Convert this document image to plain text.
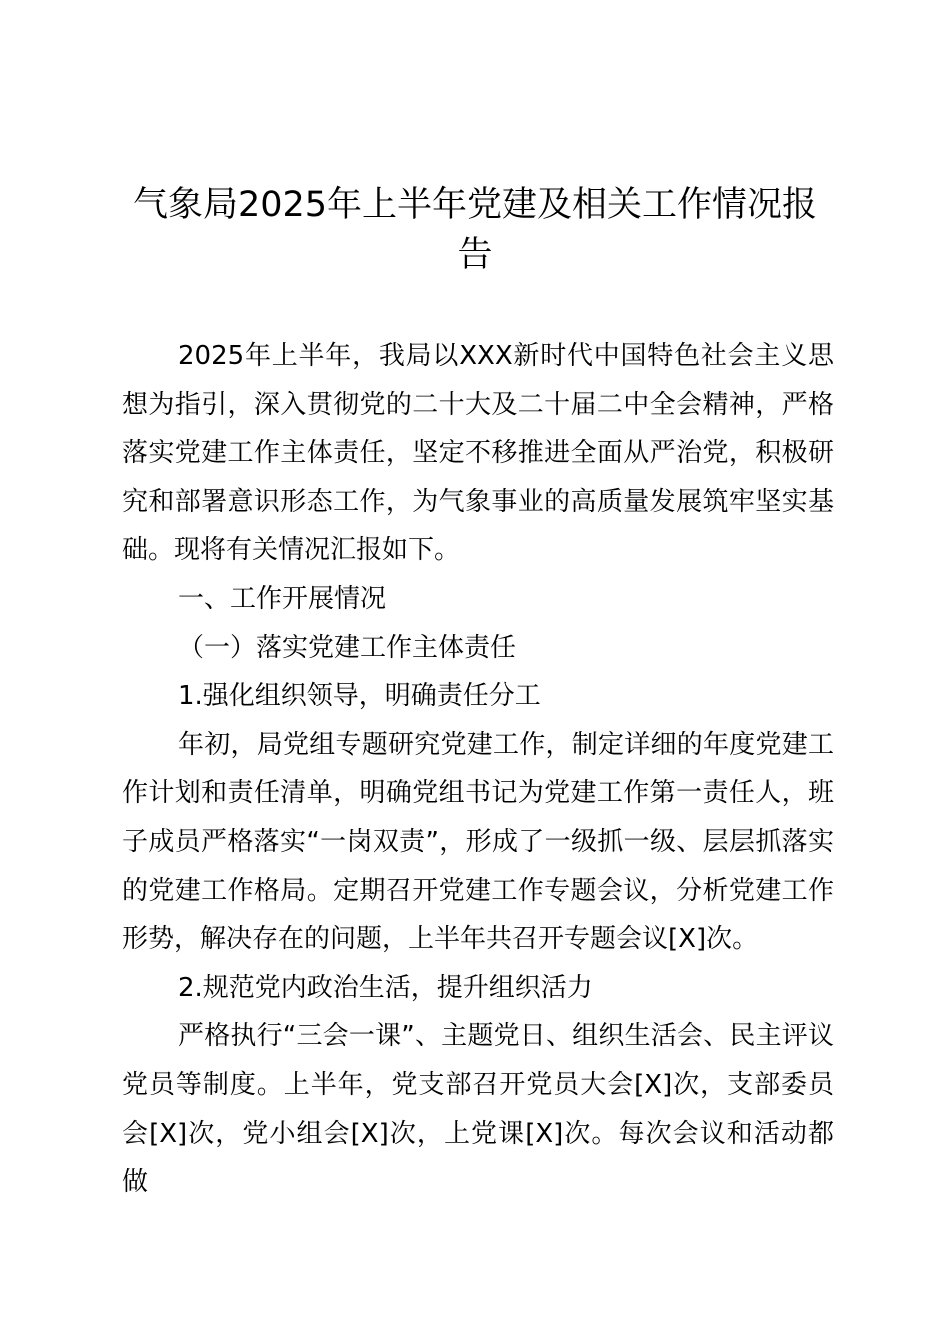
气象局2025年上半年党建及相关工作情况报告

2025年上半年，我局以XXX新时代中国特色社会主义思想为指引，深入贯彻党的二十大及二十届二中全会精神，严格落实党建工作主体责任，坚定不移推进全面从严治党，积极研究和部署意识形态工作，为气象事业的高质量发展筑牢坚实基础。现将有关情况汇报如下。

一、工作开展情况

（一）落实党建工作主体责任

1.强化组织领导，明确责任分工

年初，局党组专题研究党建工作，制定详细的年度党建工作计划和责任清单，明确党组书记为党建工作第一责任人，班子成员严格落实“一岗双责”，形成了一级抓一级、层层抓落实的党建工作格局。定期召开党建工作专题会议，分析党建工作形势，解决存在的问题，上半年共召开专题会议[X]次。

2.规范党内政治生活，提升组织活力

严格执行“三会一课”、主题党日、组织生活会、民主评议党员等制度。上半年，党支部召开党员大会[X]次，支部委员会[X]次，党小组会[X]次，上党课[X]次。每次会议和活动都做
